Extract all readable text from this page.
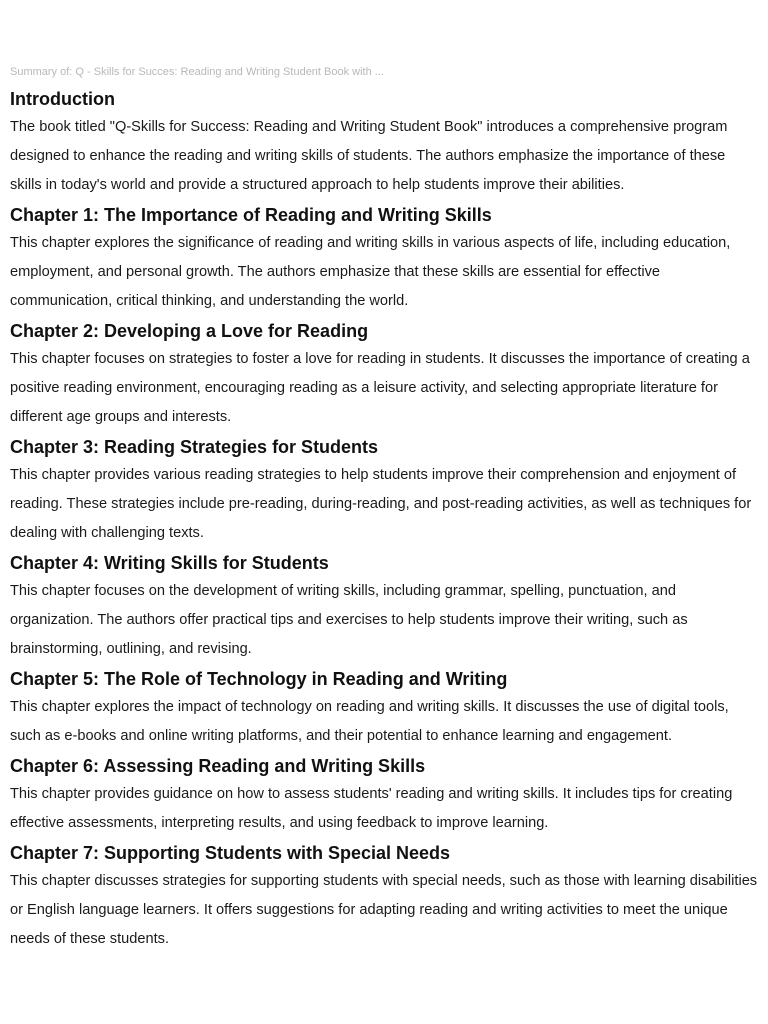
Summary of: Q - Skills for Succes: Reading and Writing Student Book with ...
Introduction
The book titled "Q-Skills for Success: Reading and Writing Student Book" introduces a comprehensive program designed to enhance the reading and writing skills of students. The authors emphasize the importance of these skills in today's world and provide a structured approach to help students improve their abilities.
Chapter 1: The Importance of Reading and Writing Skills
This chapter explores the significance of reading and writing skills in various aspects of life, including education, employment, and personal growth. The authors emphasize that these skills are essential for effective communication, critical thinking, and understanding the world.
Chapter 2: Developing a Love for Reading
This chapter focuses on strategies to foster a love for reading in students. It discusses the importance of creating a positive reading environment, encouraging reading as a leisure activity, and selecting appropriate literature for different age groups and interests.
Chapter 3: Reading Strategies for Students
This chapter provides various reading strategies to help students improve their comprehension and enjoyment of reading. These strategies include pre-reading, during-reading, and post-reading activities, as well as techniques for dealing with challenging texts.
Chapter 4: Writing Skills for Students
This chapter focuses on the development of writing skills, including grammar, spelling, punctuation, and organization. The authors offer practical tips and exercises to help students improve their writing, such as brainstorming, outlining, and revising.
Chapter 5: The Role of Technology in Reading and Writing
This chapter explores the impact of technology on reading and writing skills. It discusses the use of digital tools, such as e-books and online writing platforms, and their potential to enhance learning and engagement.
Chapter 6: Assessing Reading and Writing Skills
This chapter provides guidance on how to assess students' reading and writing skills. It includes tips for creating effective assessments, interpreting results, and using feedback to improve learning.
Chapter 7: Supporting Students with Special Needs
This chapter discusses strategies for supporting students with special needs, such as those with learning disabilities or English language learners. It offers suggestions for adapting reading and writing activities to meet the unique needs of these students.
